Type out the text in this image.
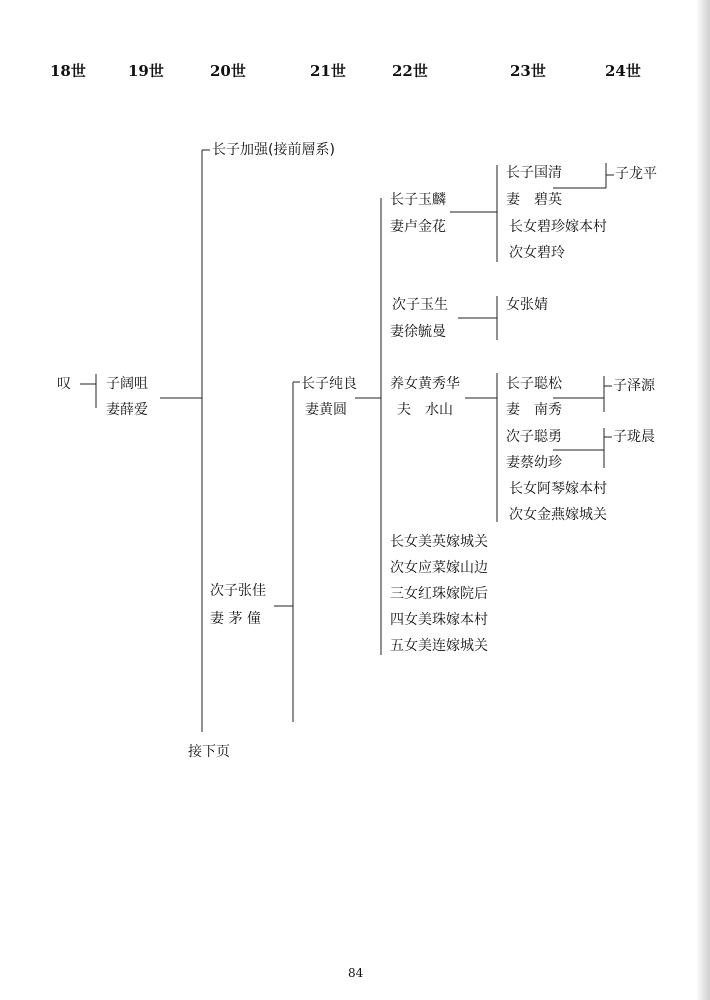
18世	19世	20世	21世	22世	23世	24世
叹	子阔咀
妻薛爱
长子加强(接前層系)
次子张佳
妻 茅 僮
长子纯良
妻黄圆
长子玉麟
妻卢金花
次子玉生
妻徐毓曼
养女黄秀华
夫　水山
长女美英嫁城关
次女应菜嫁山边
三女红珠嫁院后
四女美珠嫁本村
五女美连嫁城关
长子国清
妻　碧英
长女碧珍嫁本村
次女碧玲
女张婧
长子聪松
妻　南秀
次子聪勇
妻蔡幼珍
长女阿琴嫁本村
次女金燕嫁城关
子龙平
子泽源
子珑晨
接下页
84
